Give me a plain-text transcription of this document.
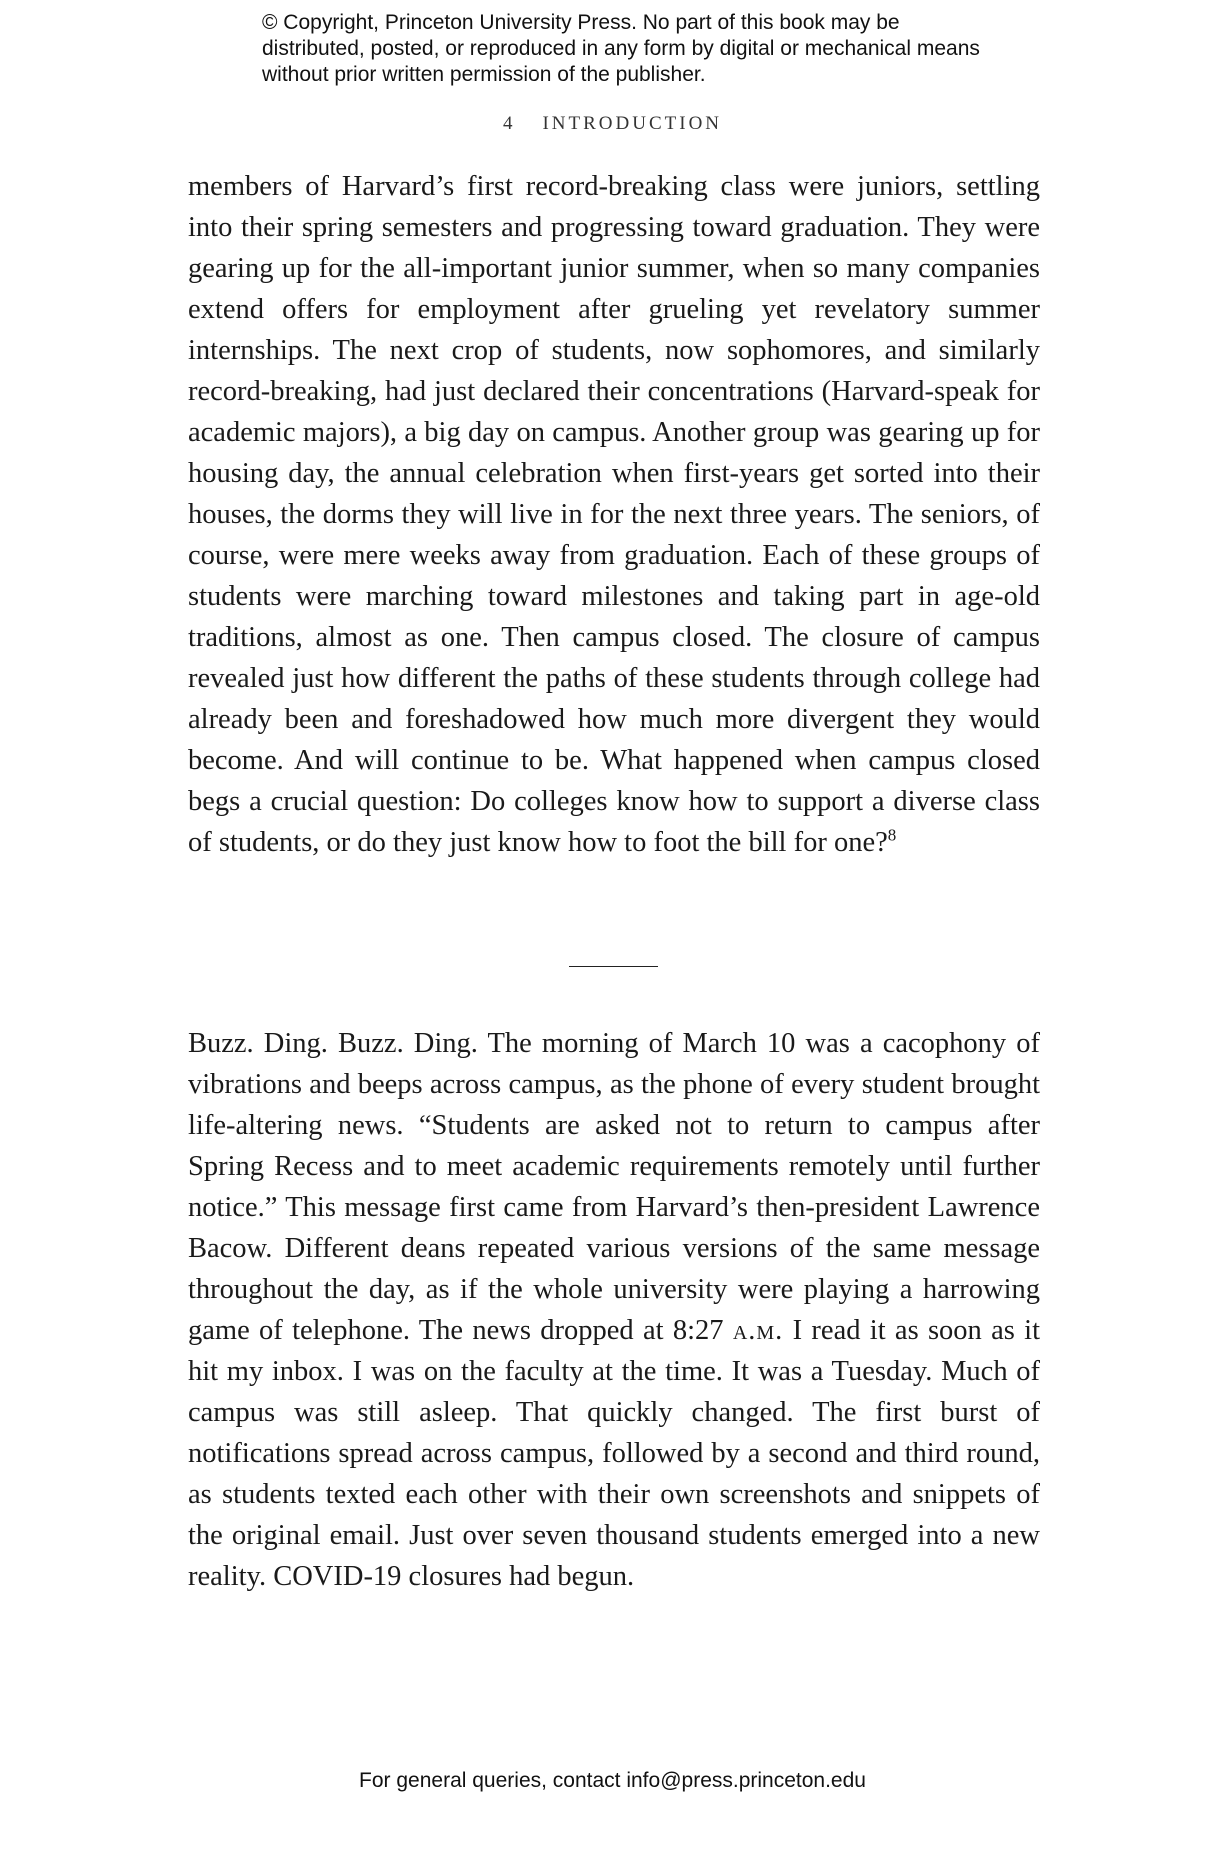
© Copyright, Princeton University Press. No part of this book may be distributed, posted, or reproduced in any form by digital or mechanical means without prior written permission of the publisher.
4 INTRODUCTION

members of Harvard’s first record-breaking class were juniors, settling into their spring semesters and progressing toward graduation. They were gearing up for the all-important junior summer, when so many companies extend offers for employment after grueling yet revelatory summer internships. The next crop of students, now sophomores, and similarly record-breaking, had just declared their concentrations (Harvard-speak for academic majors), a big day on campus. Another group was gearing up for housing day, the annual celebration when first-years get sorted into their houses, the dorms they will live in for the next three years. The seniors, of course, were mere weeks away from graduation. Each of these groups of students were marching toward milestones and taking part in age-old traditions, almost as one. Then campus closed. The closure of campus revealed just how different the paths of these students through college had already been and foreshadowed how much more divergent they would become. And will continue to be. What happened when campus closed begs a crucial question: Do colleges know how to support a diverse class of students, or do they just know how to foot the bill for one?$^8$

Buzz. Ding. Buzz. Ding. The morning of March 10 was a cacophony of vibrations and beeps across campus, as the phone of every student brought life-altering news. “Students are asked not to return to campus after Spring Recess and to meet academic requirements remotely until further notice.” This message first came from Harvard’s then-president Lawrence Bacow. Different deans repeated various versions of the same message throughout the day, as if the whole university were playing a harrowing game of telephone. The news dropped at 8:27 a.m. I read it as soon as it hit my inbox. I was on the faculty at the time. It was a Tuesday. Much of campus was still asleep. That quickly changed. The first burst of notifications spread across campus, followed by a second and third round, as students texted each other with their own screenshots and snippets of the original email. Just over seven thousand students emerged into a new reality. COVID-19 closures had begun.

For general queries, contact info@press.princeton.edu
